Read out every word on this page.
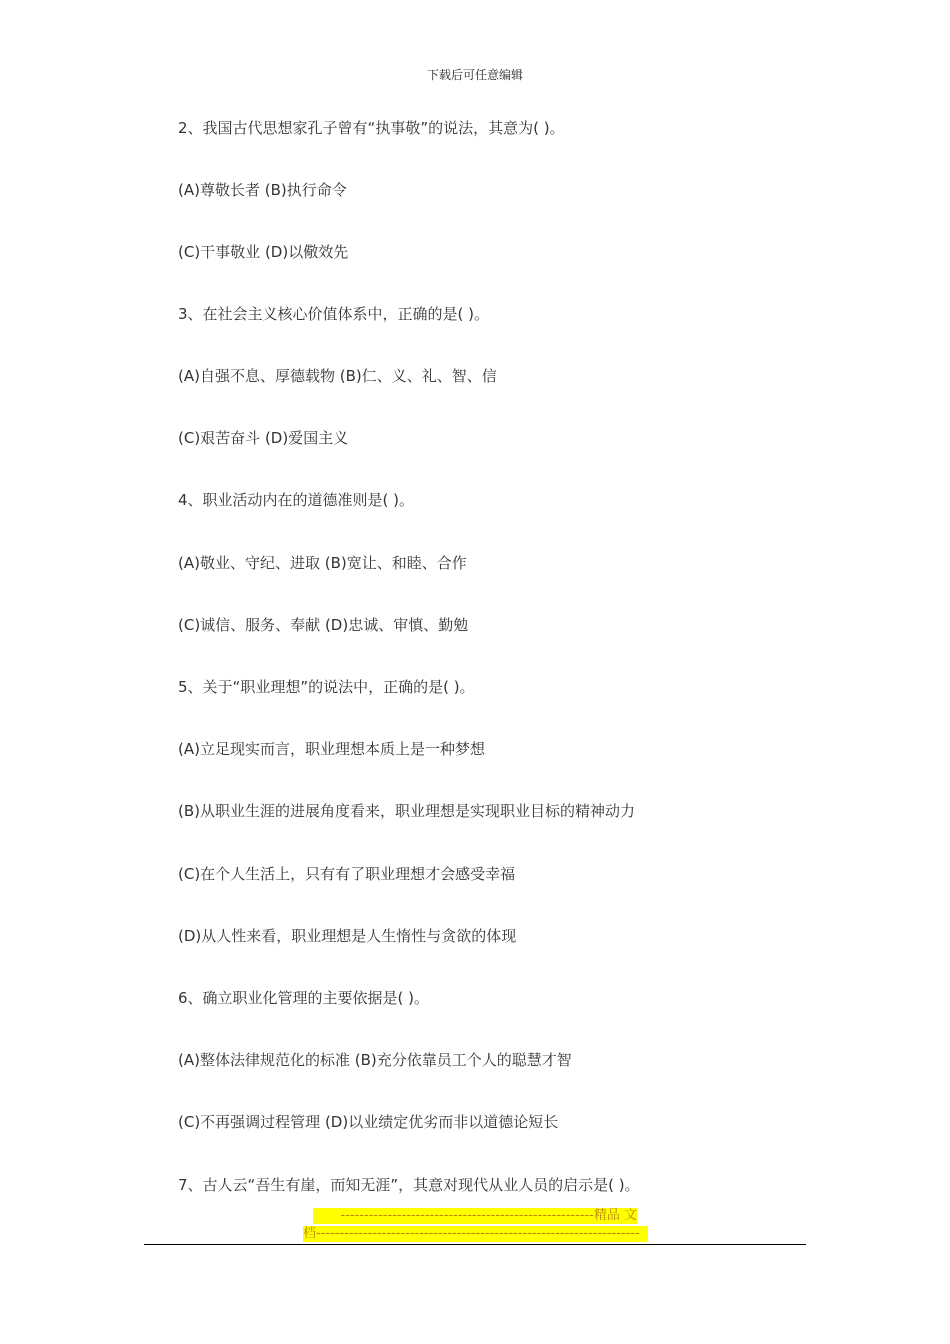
下载后可任意编辑
2、我国古代思想家孔子曾有“执事敬”的说法，其意为( )。
(A)尊敬长者 (B)执行命令
(C)干事敬业 (D)以儆效先
3、在社会主义核心价值体系中，正确的是( )。
(A)自强不息、厚德载物 (B)仁、义、礼、智、信
(C)艰苦奋斗 (D)爱国主义
4、职业活动内在的道德准则是( )。
(A)敬业、守纪、进取 (B)宽让、和睦、合作
(C)诚信、服务、奉献 (D)忠诚、审慎、勤勉
5、关于“职业理想”的说法中，正确的是( )。
(A)立足现实而言，职业理想本质上是一种梦想
(B)从职业生涯的进展角度看来，职业理想是实现职业目标的精神动力
(C)在个人生活上，只有有了职业理想才会感受幸福
(D)从人性来看，职业理想是人生惰性与贪欲的体现
6、确立职业化管理的主要依据是( )。
(A)整体法律规范化的标准 (B)充分依靠员工个人的聪慧才智
(C)不再强调过程管理 (D)以业绩定优劣而非以道德论短长
7、古人云“吾生有崖，而知无涯”，其意对现代从业人员的启示是( )。
------------------------------------------------------精品 文
档---------------------------------------------------------------------
